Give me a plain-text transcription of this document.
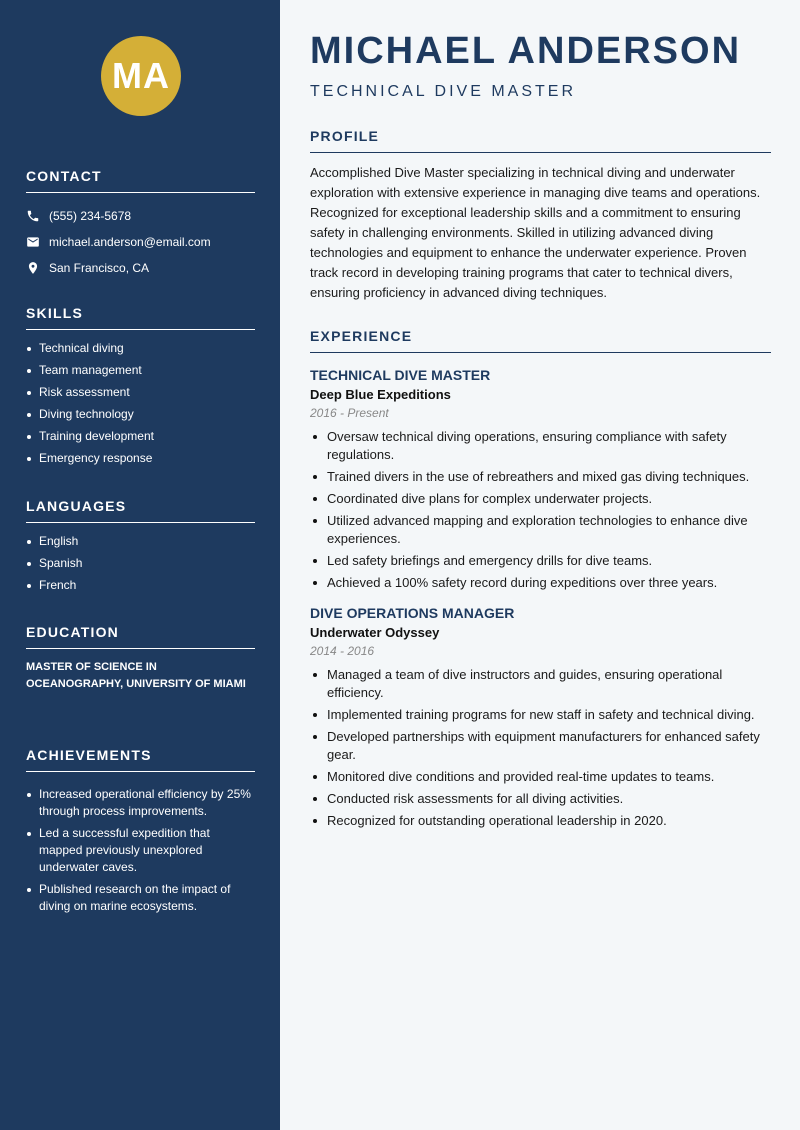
MA
CONTACT
(555) 234-5678
michael.anderson@email.com
San Francisco, CA
SKILLS
Technical diving
Team management
Risk assessment
Diving technology
Training development
Emergency response
LANGUAGES
English
Spanish
French
EDUCATION
MASTER OF SCIENCE IN OCEANOGRAPHY, UNIVERSITY OF MIAMI
ACHIEVEMENTS
Increased operational efficiency by 25% through process improvements.
Led a successful expedition that mapped previously unexplored underwater caves.
Published research on the impact of diving on marine ecosystems.
MICHAEL ANDERSON
TECHNICAL DIVE MASTER
PROFILE

Accomplished Dive Master specializing in technical diving and underwater exploration with extensive experience in managing dive teams and operations. Recognized for exceptional leadership skills and a commitment to ensuring safety in challenging environments. Skilled in utilizing advanced diving technologies and equipment to enhance the underwater experience. Proven track record in developing training programs that cater to technical divers, ensuring proficiency in advanced diving techniques.

EXPERIENCE
TECHNICAL DIVE MASTER
Deep Blue Expeditions
2016 - Present
Oversaw technical diving operations, ensuring compliance with safety regulations.
Trained divers in the use of rebreathers and mixed gas diving techniques.
Coordinated dive plans for complex underwater projects.
Utilized advanced mapping and exploration technologies to enhance dive experiences.
Led safety briefings and emergency drills for dive teams.
Achieved a 100% safety record during expeditions over three years.
DIVE OPERATIONS MANAGER
Underwater Odyssey
2014 - 2016
Managed a team of dive instructors and guides, ensuring operational efficiency.
Implemented training programs for new staff in safety and technical diving.
Developed partnerships with equipment manufacturers for enhanced safety gear.
Monitored dive conditions and provided real-time updates to teams.
Conducted risk assessments for all diving activities.
Recognized for outstanding operational leadership in 2020.
